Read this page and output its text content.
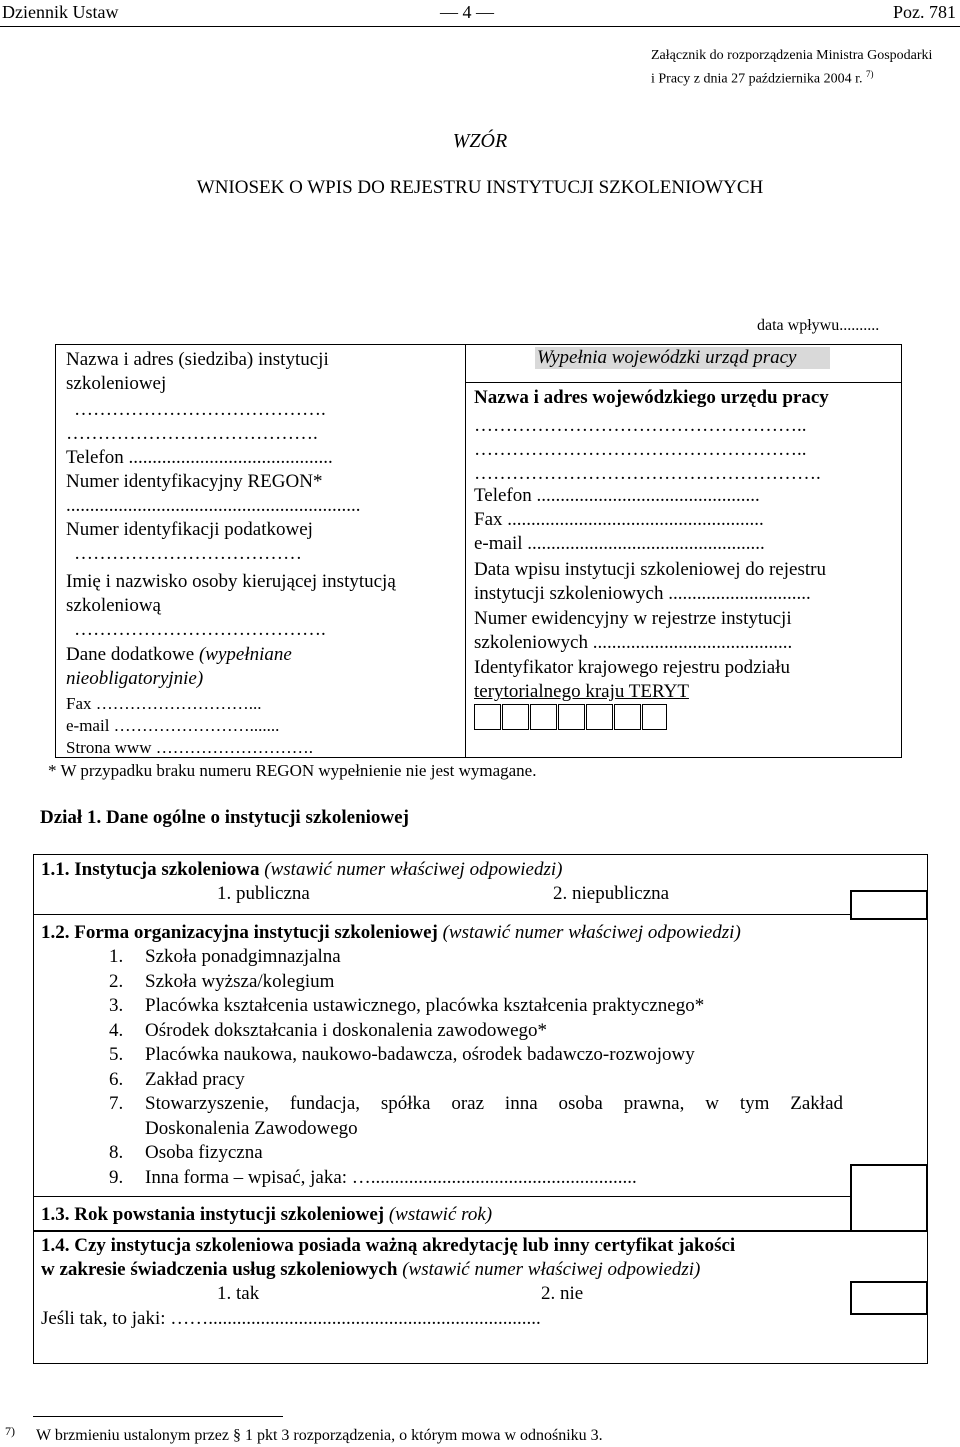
Dziennik Ustaw	— 4 —	Poz. 781
Załącznik do rozporządzenia Ministra Gospodarki
i Pracy z dnia 27 października 2004 r. $^{7)}$
WZÓR
WNIOSEK O WPIS DO REJESTRU INSTYTUCJI SZKOLENIOWYCH
data wpływu..........
Nazwa i adres (siedziba) instytucji
szkoleniowej
………………………………….
………………………………….
Telefon ...........................................
Numer identyfikacyjny REGON*
..............................................................
Numer identyfikacji podatkowej
………………………………
Imię i nazwisko osoby kierującej instytucją
szkoleniową
………………………………….
Dane dodatkowe (wypełniane
nieobligatoryjnie)
Fax ………………………...
e-mail …………………….......
Strona www ……………………….
Wypełnia wojewódzki urząd pracy
Nazwa i adres wojewódzkiego urzędu pracy
……………………………………………..
……………………………………………..
……………………………………………….
Telefon ...............................................
Fax ......................................................
e-mail ..................................................
Data wpisu instytucji szkoleniowej do rejestru
instytucji szkoleniowych ..............................
Numer ewidencyjny w rejestrze instytucji
szkoleniowych ..........................................
Identyfikator krajowego rejestru podziału
terytorialnego kraju TERYT
* W przypadku braku numeru REGON wypełnienie nie jest wymagane.
Dział 1. Dane ogólne o instytucji szkoleniowej
1.1. Instytucja szkoleniowa (wstawić numer właściwej odpowiedzi)
1. publiczna	2. niepubliczna
1.2. Forma organizacyjna instytucji szkoleniowej (wstawić numer właściwej odpowiedzi)
1. Szkoła ponadgimnazjalna
2. Szkoła wyższa/kolegium
3. Placówka kształcenia ustawicznego, placówka kształcenia praktycznego*
4. Ośrodek dokształcania i doskonalenia zawodowego*
5. Placówka naukowa, naukowo-badawcza, ośrodek badawczo-rozwojowy
6. Zakład pracy
7. Stowarzyszenie, fundacja, spółka oraz inna osoba prawna, w tym Zakład
Doskonalenia Zawodowego
8. Osoba fizyczna
9. Inna forma – wpisać, jaka: …........................................................
1.3. Rok powstania instytucji szkoleniowej (wstawić rok)
1.4. Czy instytucja szkoleniowa posiada ważną akredytację lub inny certyfikat jakości
w zakresie świadczenia usług szkoleniowych (wstawić numer właściwej odpowiedzi)
1. tak	2. nie
Jeśli tak, to jaki: ……......................................................................
7) W brzmieniu ustalonym przez § 1 pkt 3 rozporządzenia, o którym mowa w odnośniku 3.
